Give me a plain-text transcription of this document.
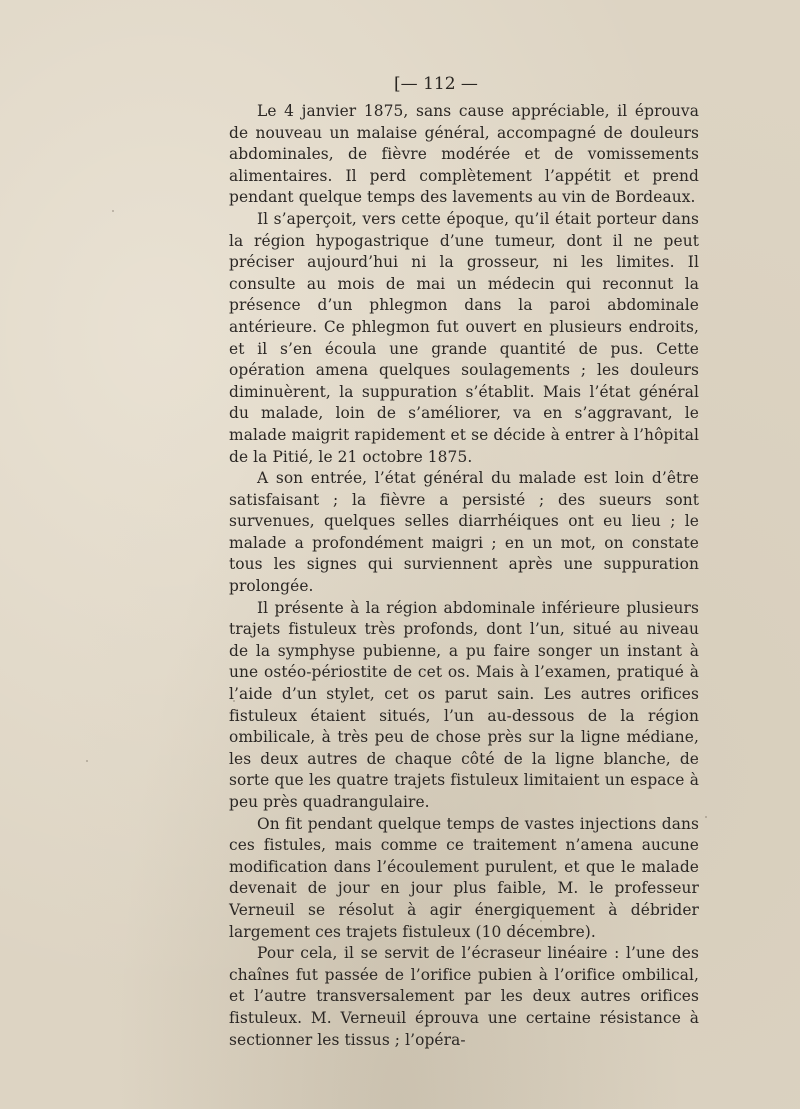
[— 112 —

Le 4 janvier 1875, sans cause appréciable, il éprouva de nouveau un malaise général, accompagné de douleurs abdominales, de fièvre modérée et de vomissements alimentaires. Il perd complètement l’appétit et prend pendant quelque temps des lavements au vin de Bordeaux.

Il s’aperçoit, vers cette époque, qu’il était porteur dans la région hypogastrique d’une tumeur, dont il ne peut préciser aujourd’hui ni la grosseur, ni les limites. Il consulte au mois de mai un médecin qui reconnut la présence d’un phlegmon dans la paroi abdominale antérieure. Ce phlegmon fut ouvert en plusieurs endroits, et il s’en écoula une grande quantité de pus. Cette opération amena quelques soulagements ; les douleurs diminuèrent, la suppuration s’établit. Mais l’état général du malade, loin de s’améliorer, va en s’aggravant, le malade maigrit rapidement et se décide à entrer à l’hôpital de la Pitié, le 21 octobre 1875.

A son entrée, l’état général du malade est loin d’être satisfaisant ; la fièvre a persisté ; des sueurs sont survenues, quelques selles diarrhéiques ont eu lieu ; le malade a profondément maigri ; en un mot, on constate tous les signes qui surviennent après une suppuration prolongée.

Il présente à la région abdominale inférieure plusieurs trajets fistuleux très profonds, dont l’un, situé au niveau de la symphyse pubienne, a pu faire songer un instant à une ostéo-périostite de cet os. Mais à l’examen, pratiqué à l’aide d’un stylet, cet os parut sain. Les autres orifices fistuleux étaient situés, l’un au-dessous de la région ombilicale, à très peu de chose près sur la ligne médiane, les deux autres de chaque côté de la ligne blanche, de sorte que les quatre trajets fistuleux limitaient un espace à peu près quadrangulaire.

On fit pendant quelque temps de vastes injections dans ces fistules, mais comme ce traitement n’amena aucune modification dans l’écoulement purulent, et que le malade devenait de jour en jour plus faible, M. le professeur Verneuil se résolut à agir énergiquement à débrider largement ces trajets fistuleux (10 décembre).

Pour cela, il se servit de l’écraseur linéaire : l’une des chaînes fut passée de l’orifice pubien à l’orifice ombilical, et l’autre transversalement par les deux autres orifices fistuleux. M. Verneuil éprouva une certaine résistance à sectionner les tissus ; l’opéra-
